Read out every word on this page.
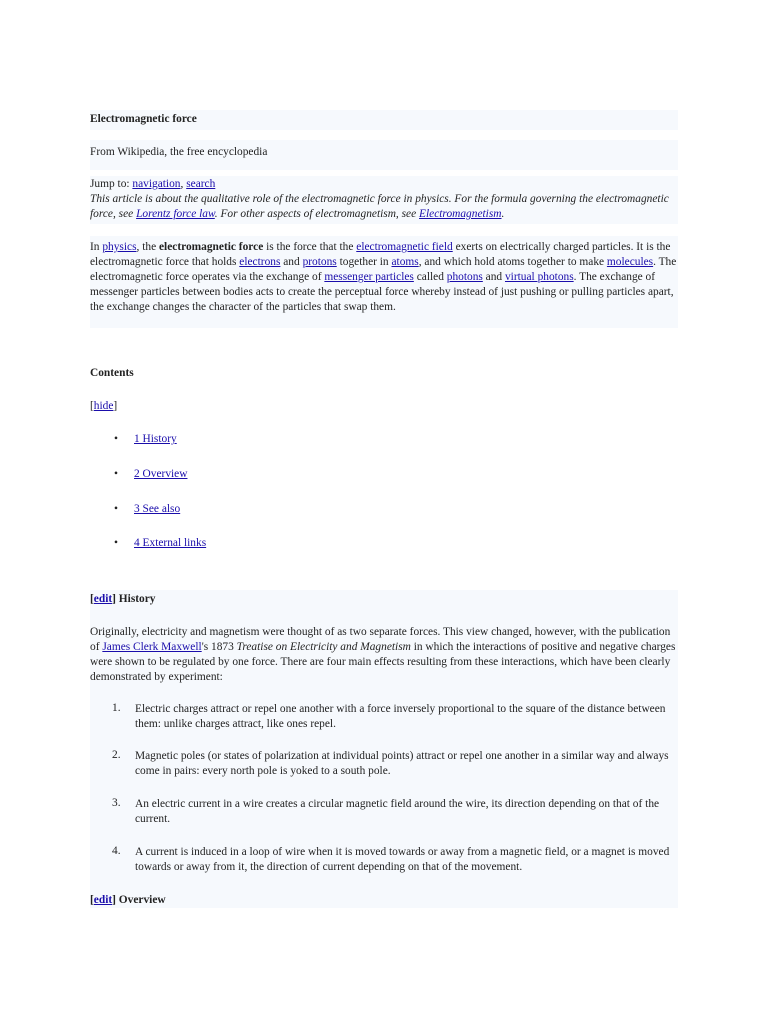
Electromagnetic force

From Wikipedia, the free encyclopedia

Jump to: navigation, search

This article is about the qualitative role of the electromagnetic force in physics. For the formula governing the electromagnetic force, see Lorentz force law. For other aspects of electromagnetism, see Electromagnetism.

In physics, the electromagnetic force is the force that the electromagnetic field exerts on electrically charged particles. It is the electromagnetic force that holds electrons and protons together in atoms, and which hold atoms together to make molecules. The electromagnetic force operates via the exchange of messenger particles called photons and virtual photons. The exchange of messenger particles between bodies acts to create the perceptual force whereby instead of just pushing or pulling particles apart, the exchange changes the character of the particles that swap them.

Contents

[hide]

• 1 History
• 2 Overview
• 3 See also
• 4 External links

[edit] History

Originally, electricity and magnetism were thought of as two separate forces. This view changed, however, with the publication of James Clerk Maxwell's 1873 Treatise on Electricity and Magnetism in which the interactions of positive and negative charges were shown to be regulated by one force. There are four main effects resulting from these interactions, which have been clearly demonstrated by experiment:

1. Electric charges attract or repel one another with a force inversely proportional to the square of the distance between them: unlike charges attract, like ones repel.
2. Magnetic poles (or states of polarization at individual points) attract or repel one another in a similar way and always come in pairs: every north pole is yoked to a south pole.
3. An electric current in a wire creates a circular magnetic field around the wire, its direction depending on that of the current.
4. A current is induced in a loop of wire when it is moved towards or away from a magnetic field, or a magnet is moved towards or away from it, the direction of current depending on that of the movement.

[edit] Overview
